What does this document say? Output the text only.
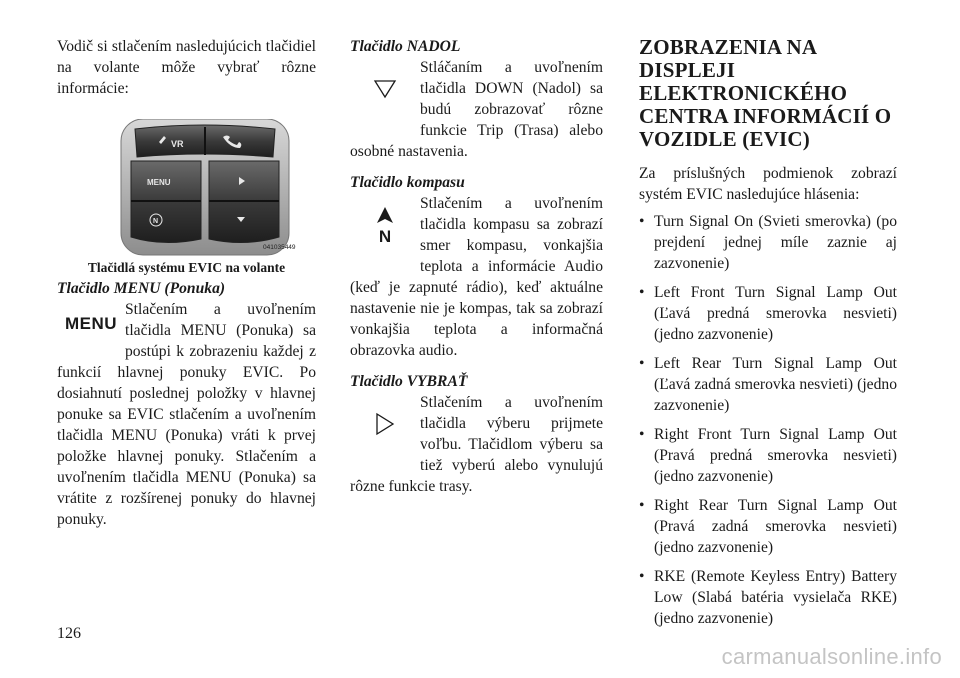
Vodič si stlačením nasledujúcich tlačidiel na volante môže vybrať rôzne informácie:

VR
MENU
N
041035449

Tlačidlá systému EVIC na volante

Tlačidlo MENU (Ponuka)

MENU

Stlačením a uvoľnením tlačidla MENU (Ponuka) sa postúpi k zobrazeniu každej z funkcií hlavnej ponuky EVIC. Po dosiahnutí poslednej položky v hlavnej ponuke sa EVIC stlačením a uvoľnením tlačidla MENU (Ponuka) vráti k prvej položke hlavnej ponuky. Stlačením a uvoľnením tlačidla MENU (Ponuka) sa vrátite z rozšírenej ponuky do hlavnej ponuky.

Tlačidlo NADOL

Stláčaním a uvoľnením tlačidla DOWN (Nadol) sa budú zobrazovať rôzne funkcie Trip (Trasa) alebo osobné nastavenia.

Tlačidlo kompasu

N

Stlačením a uvoľnením tlačidla kompasu sa zobrazí smer kompasu, vonkajšia teplota a informácie Audio (keď je zapnuté rádio), keď aktuálne nastavenie nie je kompas, tak sa zobrazí vonkajšia teplota a informačná obrazovka audio.

Tlačidlo VYBRAŤ

Stlačením a uvoľnením tlačidla výberu prijmete voľbu. Tlačidlom výberu sa tiež vyberú alebo vynulujú rôzne funkcie trasy.

ZOBRAZENIA NA DISPLEJI ELEKTRONICKÉHO CENTRA INFORMÁCIÍ O VOZIDLE (EVIC)

Za príslušných podmienok zobrazí systém EVIC nasledujúce hlásenia:

• Turn Signal On (Svieti smerovka) (po prejdení jednej míle zaznie aj zazvonenie)
• Left Front Turn Signal Lamp Out (Ľavá predná smerovka nesvieti) (jedno zazvonenie)
• Left Rear Turn Signal Lamp Out (Ľavá zadná smerovka nesvieti) (jedno zazvonenie)
• Right Front Turn Signal Lamp Out (Pravá predná smerovka nesvieti) (jedno zazvonenie)
• Right Rear Turn Signal Lamp Out (Pravá zadná smerovka nesvieti) (jedno zazvonenie)
• RKE (Remote Keyless Entry) Battery Low (Slabá batéria vysielača RKE) (jedno zazvonenie)
126
carmanualsonline.info
